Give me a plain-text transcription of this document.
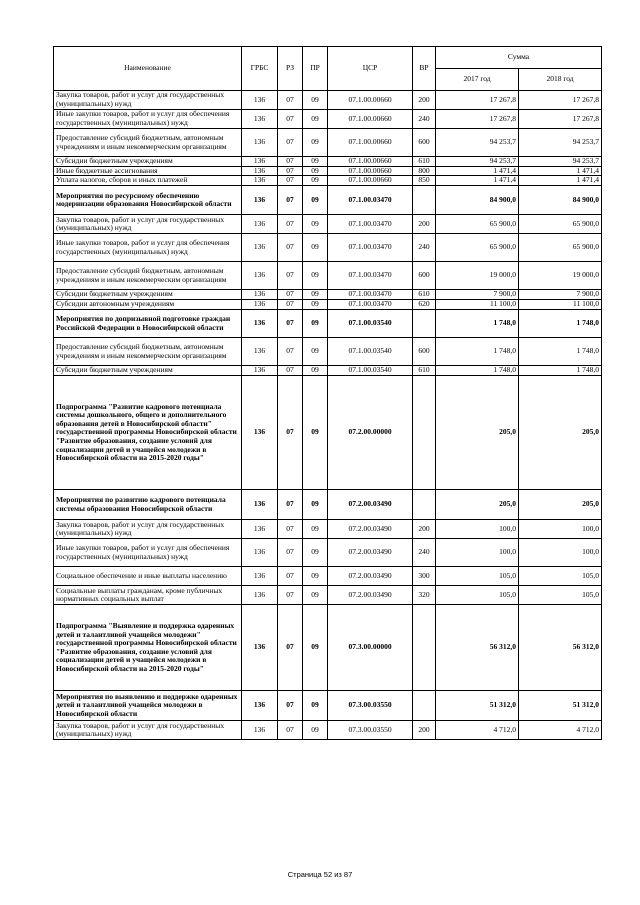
Наименование	ГРБС	РЗ	ПР	ЦСР	ВР	Сумма	
						2017 год	2018 год
Закупка товаров, работ и услуг для государственных (муниципальных) нужд	136	07	09	07.1.00.00660	200	17 267,8	17 267,8
Иные закупки товаров, работ и услуг для обеспечения государственных (муниципальных) нужд	136	07	09	07.1.00.00660	240	17 267,8	17 267,8
Предоставление субсидий бюджетным, автономным учреждениям и иным некоммерческим организациям	136	07	09	07.1.00.00660	600	94 253,7	94 253,7
Субсидии бюджетным учреждениям	136	07	09	07.1.00.00660	610	94 253,7	94 253,7
Иные бюджетные ассигнования	136	07	09	07.1.00.00660	800	1 471,4	1 471,4
Уплата налогов, сборов и иных платежей	136	07	09	07.1.00.00660	850	1 471,4	1 471,4
Мероприятия по ресурсному обеспечению модернизации образования Новосибирской области	136	07	09	07.1.00.03470		84 900,0	84 900,0
Закупка товаров, работ и услуг для государственных (муниципальных) нужд	136	07	09	07.1.00.03470	200	65 900,0	65 900,0
Иные закупки товаров, работ и услуг для обеспечения государственных (муниципальных) нужд	136	07	09	07.1.00.03470	240	65 900,0	65 900,0
Предоставление субсидий бюджетным, автономным учреждениям и иным некоммерческим организациям	136	07	09	07.1.00.03470	600	19 000,0	19 000,0
Субсидии бюджетным учреждениям	136	07	09	07.1.00.03470	610	7 900,0	7 900,0
Субсидии автономным учреждениям	136	07	09	07.1.00.03470	620	11 100,0	11 100,0
Мероприятия по допризывной подготовке граждан Российской Федерации в Новосибирской области	136	07	09	07.1.00.03540		1 748,0	1 748,0
Предоставление субсидий бюджетным, автономным учреждениям и иным некоммерческим организациям	136	07	09	07.1.00.03540	600	1 748,0	1 748,0
Субсидии бюджетным учреждениям	136	07	09	07.1.00.03540	610	1 748,0	1 748,0
Подпрограмма "Развитие кадрового потенциала системы дошкольного, общего и дополнительного образования детей в Новосибирской области" государственной программы Новосибирской области "Развитие образования, создание условий для социализации детей и учащейся молодежи в Новосибирской области на 2015-2020 годы"	136	07	09	07.2.00.00000		205,0	205,0
Мероприятия по развитию кадрового потенциала системы образования Новосибирской области	136	07	09	07.2.00.03490		205,0	205,0
Закупка товаров, работ и услуг для государственных (муниципальных) нужд	136	07	09	07.2.00.03490	200	100,0	100,0
Иные закупки товаров, работ и услуг для обеспечения государственных (муниципальных) нужд	136	07	09	07.2.00.03490	240	100,0	100,0
Социальное обеспечение и иные выплаты населению	136	07	09	07.2.00.03490	300	105,0	105,0
Социальные выплаты гражданам, кроме публичных нормативных социальных выплат	136	07	09	07.2.00.03490	320	105,0	105,0
Подпрограмма "Выявление и поддержка одаренных детей и талантливой учащейся молодежи" государственной программы Новосибирской области "Развитие образования, создание условий для социализации детей и учащейся молодежи в Новосибирской области на 2015-2020 годы"	136	07	09	07.3.00.00000		56 312,0	56 312,0
Мероприятия по выявлению и поддержке одаренных детей и талантливой учащейся молодежи в Новосибирской области	136	07	09	07.3.00.03550		51 312,0	51 312,0
Закупка товаров, работ и услуг для государственных (муниципальных) нужд	136	07	09	07.3.00.03550	200	4 712,0	4 712,0
Страница 52 из 87
